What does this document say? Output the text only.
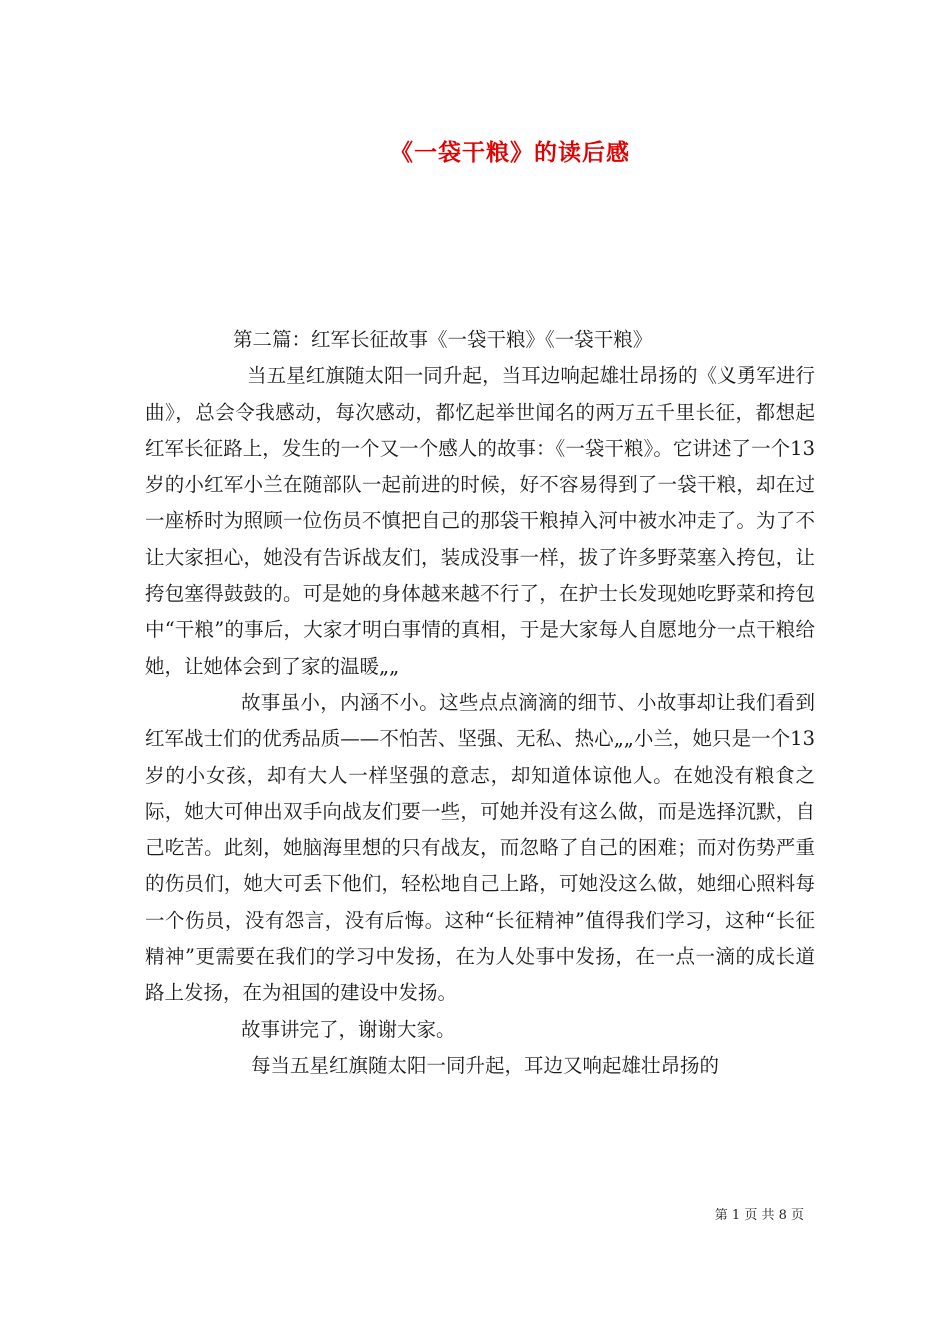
《一袋干粮》的读后感

第二篇：红军长征故事《一袋干粮》《一袋干粮》

当五星红旗随太阳一同升起，当耳边响起雄壮昂扬的《义勇军进行曲》，总会令我感动，每次感动，都忆起举世闻名的两万五千里长征，都想起红军长征路上，发生的一个又一个感人的故事：《一袋干粮》。它讲述了一个13岁的小红军小兰在随部队一起前进的时候，好不容易得到了一袋干粮，却在过一座桥时为照顾一位伤员不慎把自己的那袋干粮掉入河中被水冲走了。为了不让大家担心，她没有告诉战友们，装成没事一样，拔了许多野菜塞入挎包，让挎包塞得鼓鼓的。可是她的身体越来越不行了，在护士长发现她吃野菜和挎包中“干粮”的事后，大家才明白事情的真相，于是大家每人自愿地分一点干粮给她，让她体会到了家的温暖„„

故事虽小，内涵不小。这些点点滴滴的细节、小故事却让我们看到红军战士们的优秀品质——不怕苦、坚强、无私、热心„„小兰，她只是一个13岁的小女孩，却有大人一样坚强的意志，却知道体谅他人。在她没有粮食之际，她大可伸出双手向战友们要一些，可她并没有这么做，而是选择沉默，自己吃苦。此刻，她脑海里想的只有战友，而忽略了自己的困难；而对伤势严重的伤员们，她大可丢下他们，轻松地自己上路，可她没这么做，她细心照料每一个伤员，没有怨言，没有后悔。这种“长征精神”值得我们学习，这种“长征精神”更需要在我们的学习中发扬，在为人处事中发扬，在一点一滴的成长道路上发扬，在为祖国的建设中发扬。

故事讲完了，谢谢大家。

每当五星红旗随太阳一同升起，耳边又响起雄壮昂扬的

第 1 页 共 8 页
